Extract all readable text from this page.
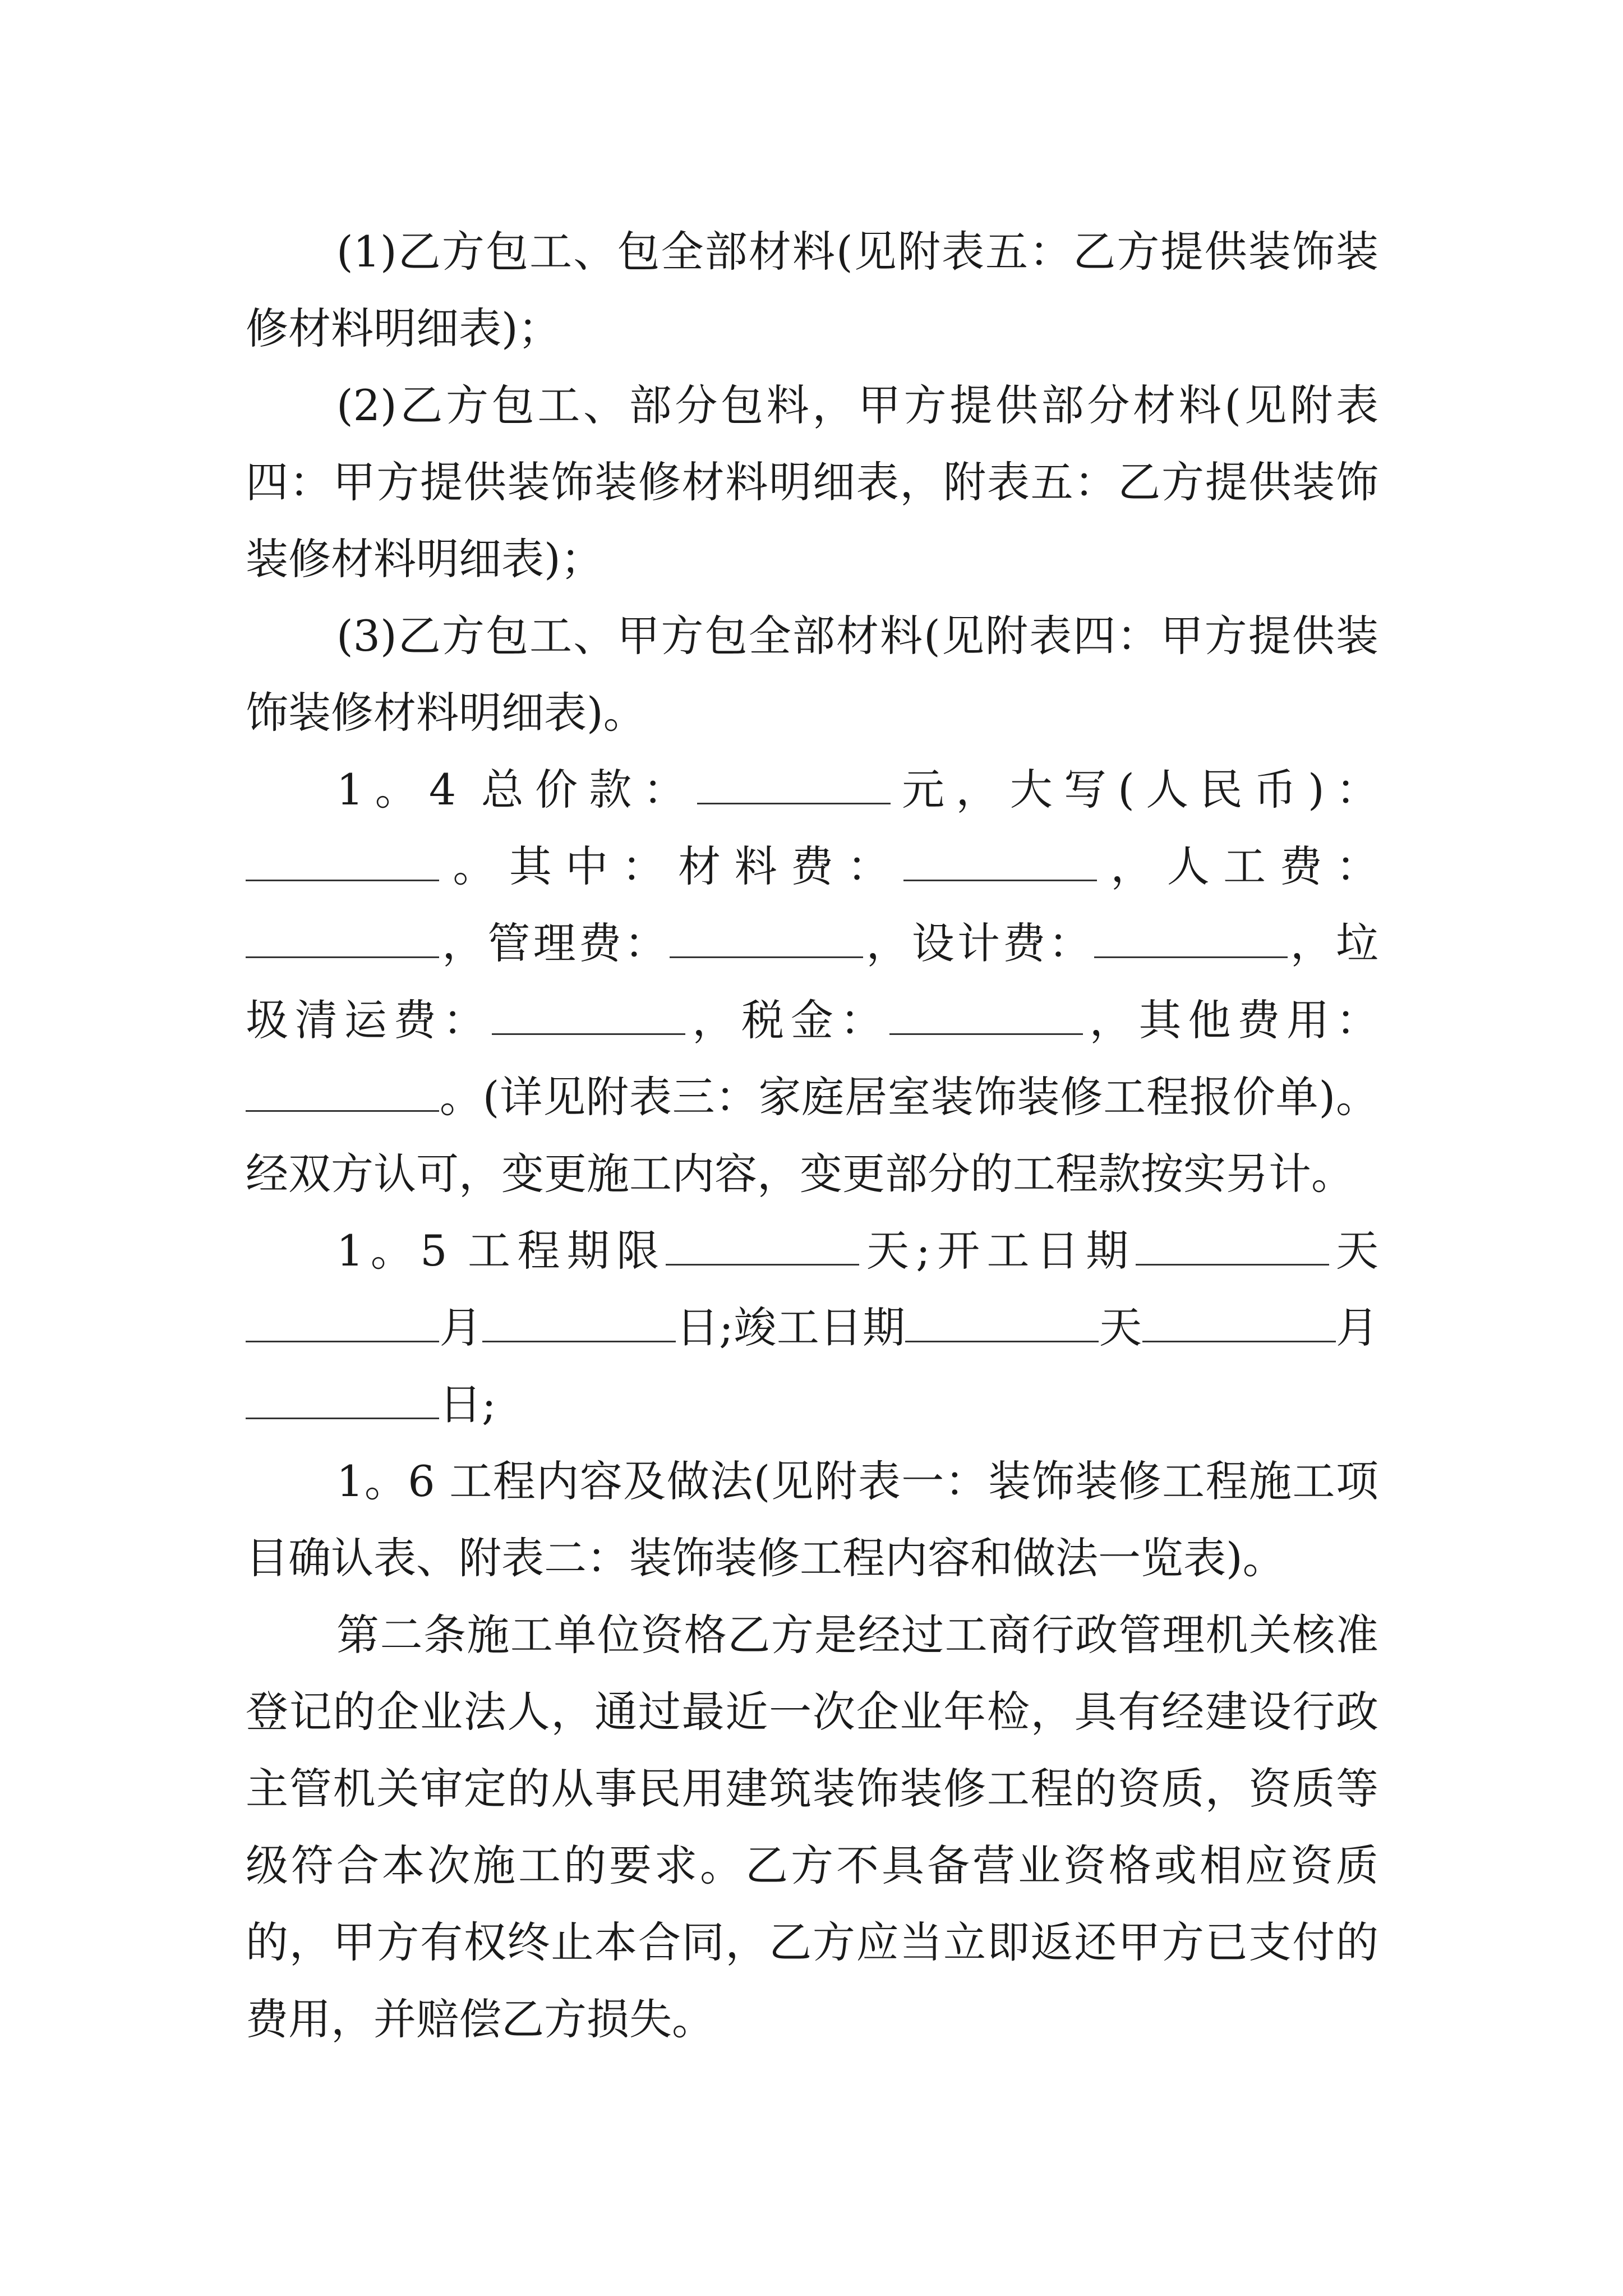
(1)乙方包工、包全部材料(见附表五：乙方提供装饰装修材料明细表)；

(2)乙方包工、部分包料，甲方提供部分材料(见附表四：甲方提供装饰装修材料明细表，附表五：乙方提供装饰装修材料明细表)；

(3)乙方包工、甲方包全部材料(见附表四：甲方提供装饰装修材料明细表)。

1。4 总价款：	元，大写(人民币)：。其中：材料费：	，人工费：，管理费：	，设计费：	，垃圾清运费：	，税金：	，其他费用：。(详见附表三：家庭居室装饰装修工程报价单)。经双方认可，变更施工内容，变更部分的工程款按实另计。

1。5 工程期限	天;开工日期	天月	日;竣工日期	天	月日;

1。6 工程内容及做法(见附表一：装饰装修工程施工项目确认表、附表二：装饰装修工程内容和做法一览表)。

第二条施工单位资格乙方是经过工商行政管理机关核准登记的企业法人，通过最近一次企业年检，具有经建设行政主管机关审定的从事民用建筑装饰装修工程的资质，资质等级符合本次施工的要求。乙方不具备营业资格或相应资质的，甲方有权终止本合同，乙方应当立即返还甲方已支付的费用，并赔偿乙方损失。
